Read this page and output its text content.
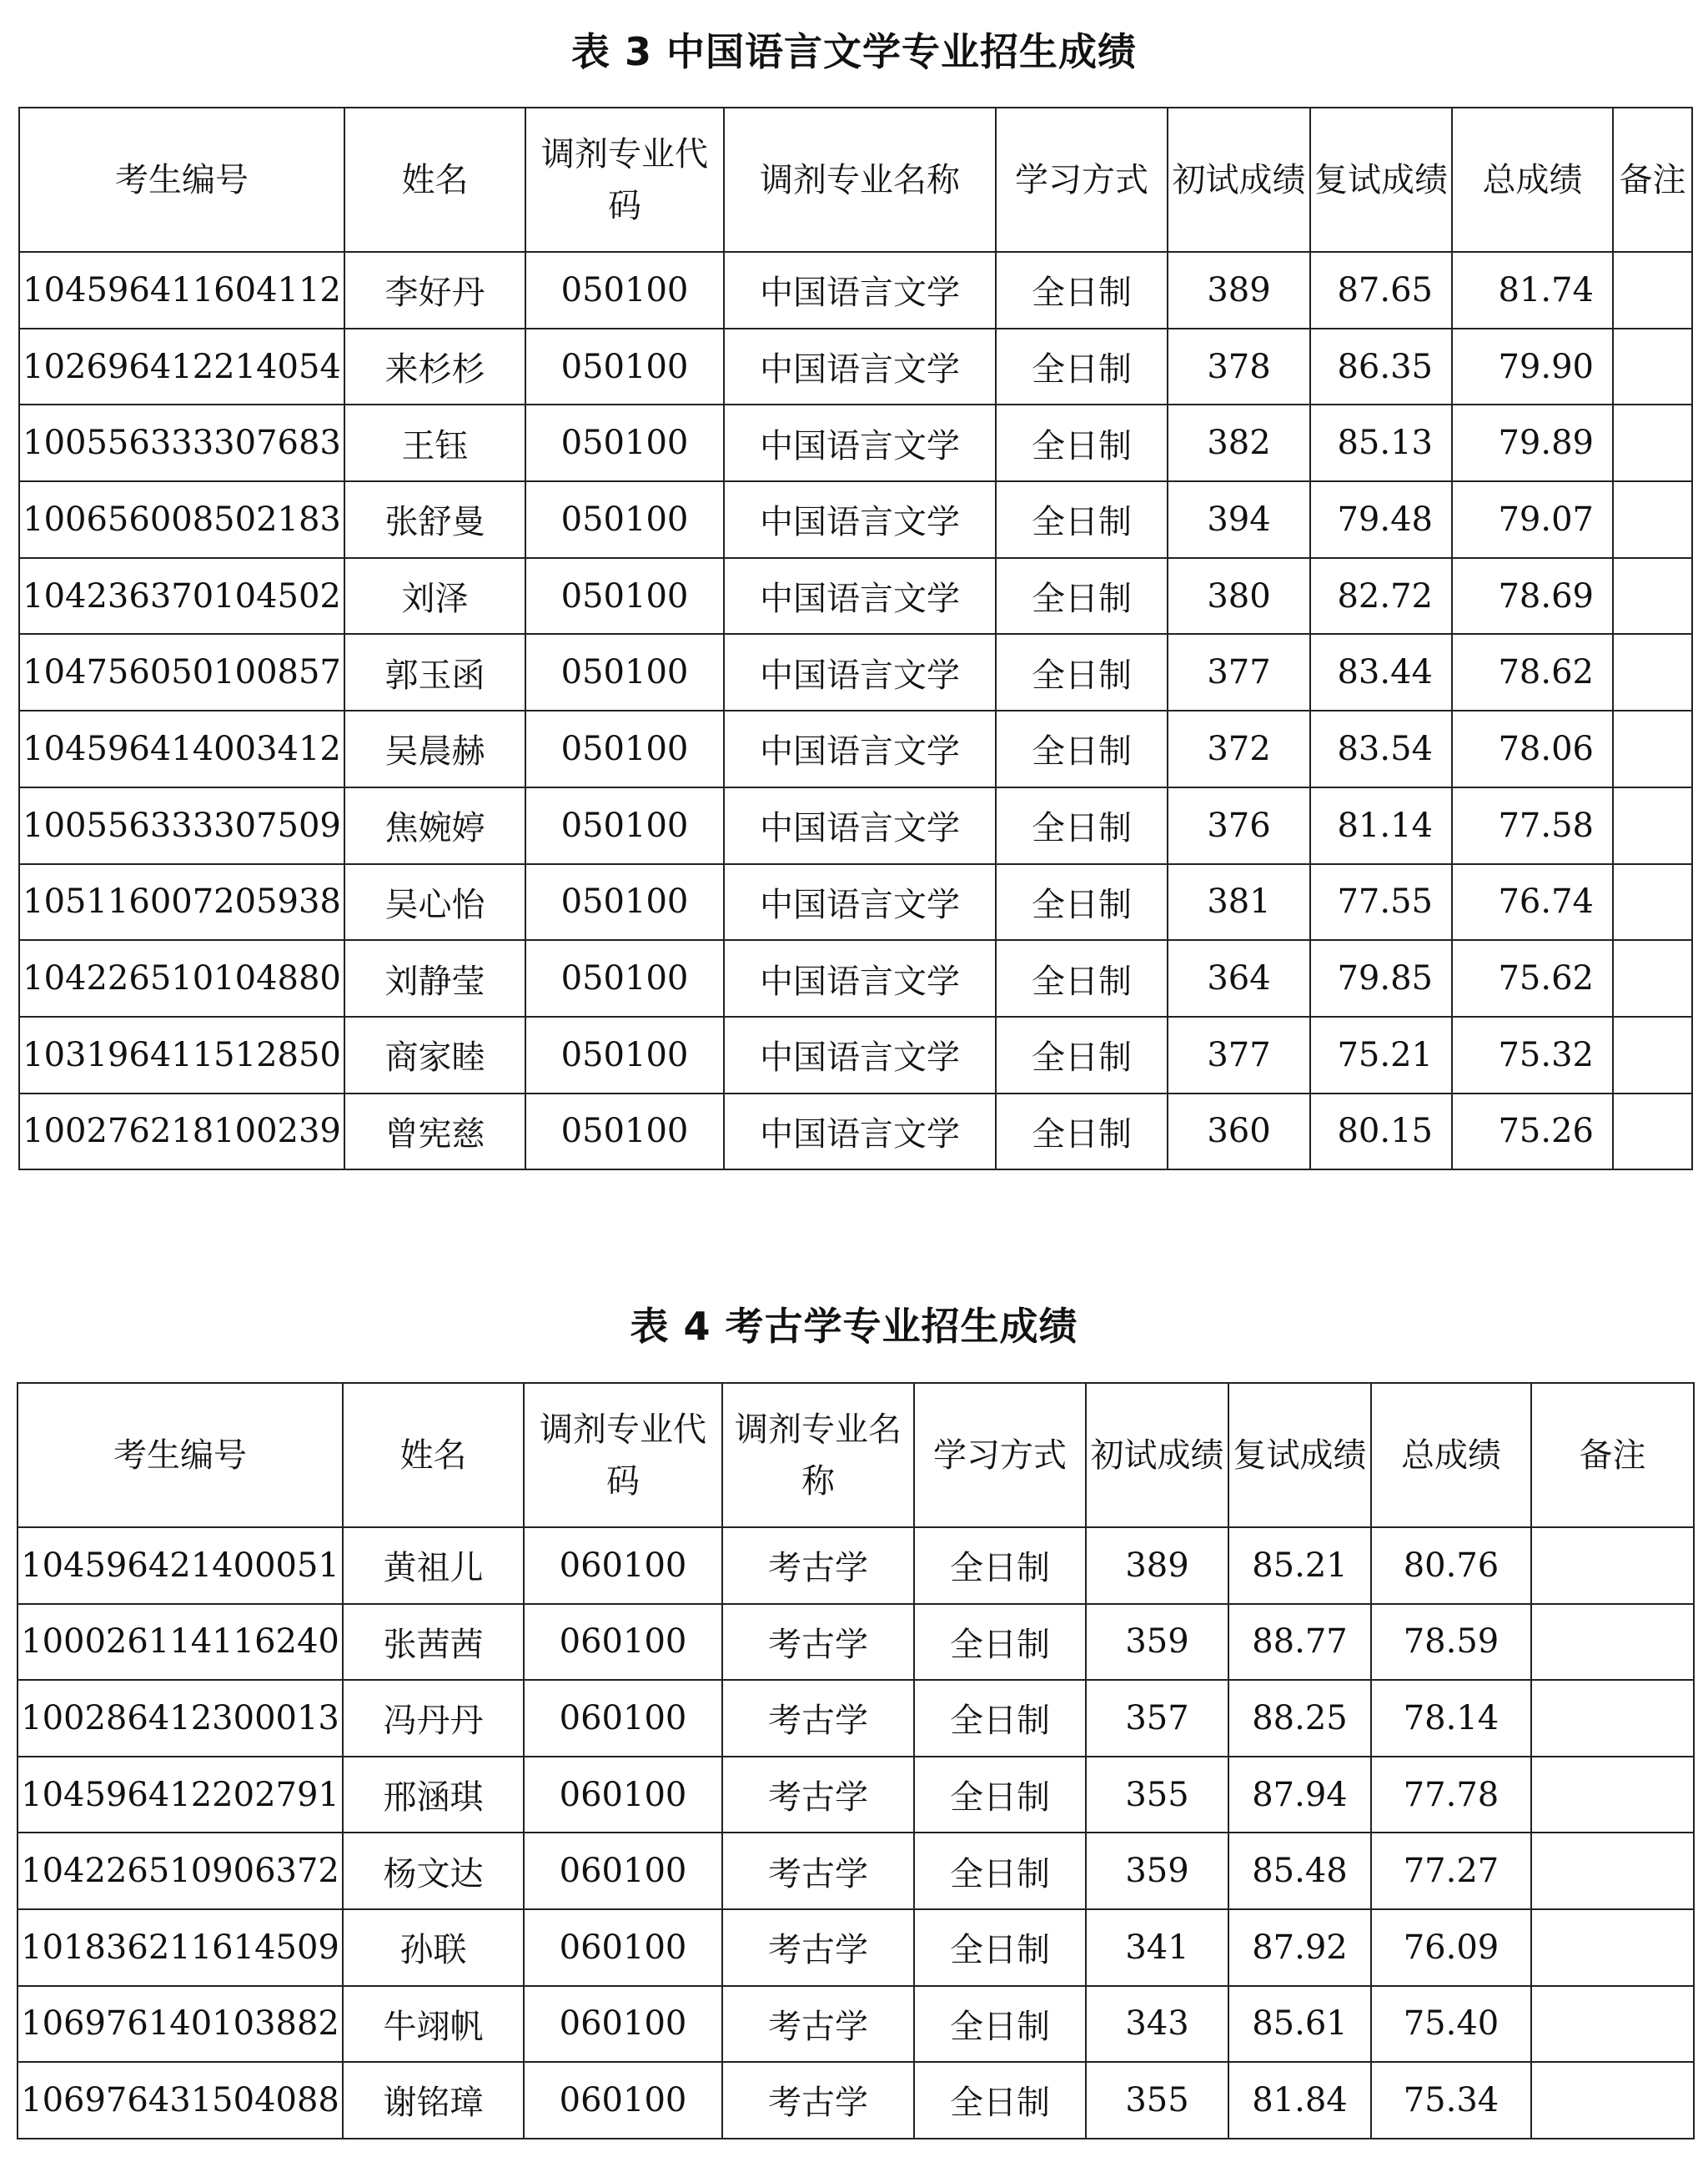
表 3 中国语言文学专业招生成绩
考生编号	姓名	调剂专业代码	调剂专业名称	学习方式	初试成绩	复试成绩	总成绩	备注
104596411604112	李好丹	050100	中国语言文学	全日制	389	87.65	81.74	
102696412214054	来杉杉	050100	中国语言文学	全日制	378	86.35	79.90	
100556333307683	王钰	050100	中国语言文学	全日制	382	85.13	79.89	
100656008502183	张舒曼	050100	中国语言文学	全日制	394	79.48	79.07	
104236370104502	刘泽	050100	中国语言文学	全日制	380	82.72	78.69	
104756050100857	郭玉函	050100	中国语言文学	全日制	377	83.44	78.62	
104596414003412	吴晨赫	050100	中国语言文学	全日制	372	83.54	78.06	
100556333307509	焦婉婷	050100	中国语言文学	全日制	376	81.14	77.58	
105116007205938	吴心怡	050100	中国语言文学	全日制	381	77.55	76.74	
104226510104880	刘静莹	050100	中国语言文学	全日制	364	79.85	75.62	
103196411512850	商家睦	050100	中国语言文学	全日制	377	75.21	75.32	
100276218100239	曾宪慈	050100	中国语言文学	全日制	360	80.15	75.26	
表 4 考古学专业招生成绩
考生编号	姓名	调剂专业代码	调剂专业名称	学习方式	初试成绩	复试成绩	总成绩	备注
104596421400051	黄祖儿	060100	考古学	全日制	389	85.21	80.76	
100026114116240	张茜茜	060100	考古学	全日制	359	88.77	78.59	
100286412300013	冯丹丹	060100	考古学	全日制	357	88.25	78.14	
104596412202791	邢涵琪	060100	考古学	全日制	355	87.94	77.78	
104226510906372	杨文达	060100	考古学	全日制	359	85.48	77.27	
101836211614509	孙联	060100	考古学	全日制	341	87.92	76.09	
106976140103882	牛翊帆	060100	考古学	全日制	343	85.61	75.40	
106976431504088	谢铭璋	060100	考古学	全日制	355	81.84	75.34	
